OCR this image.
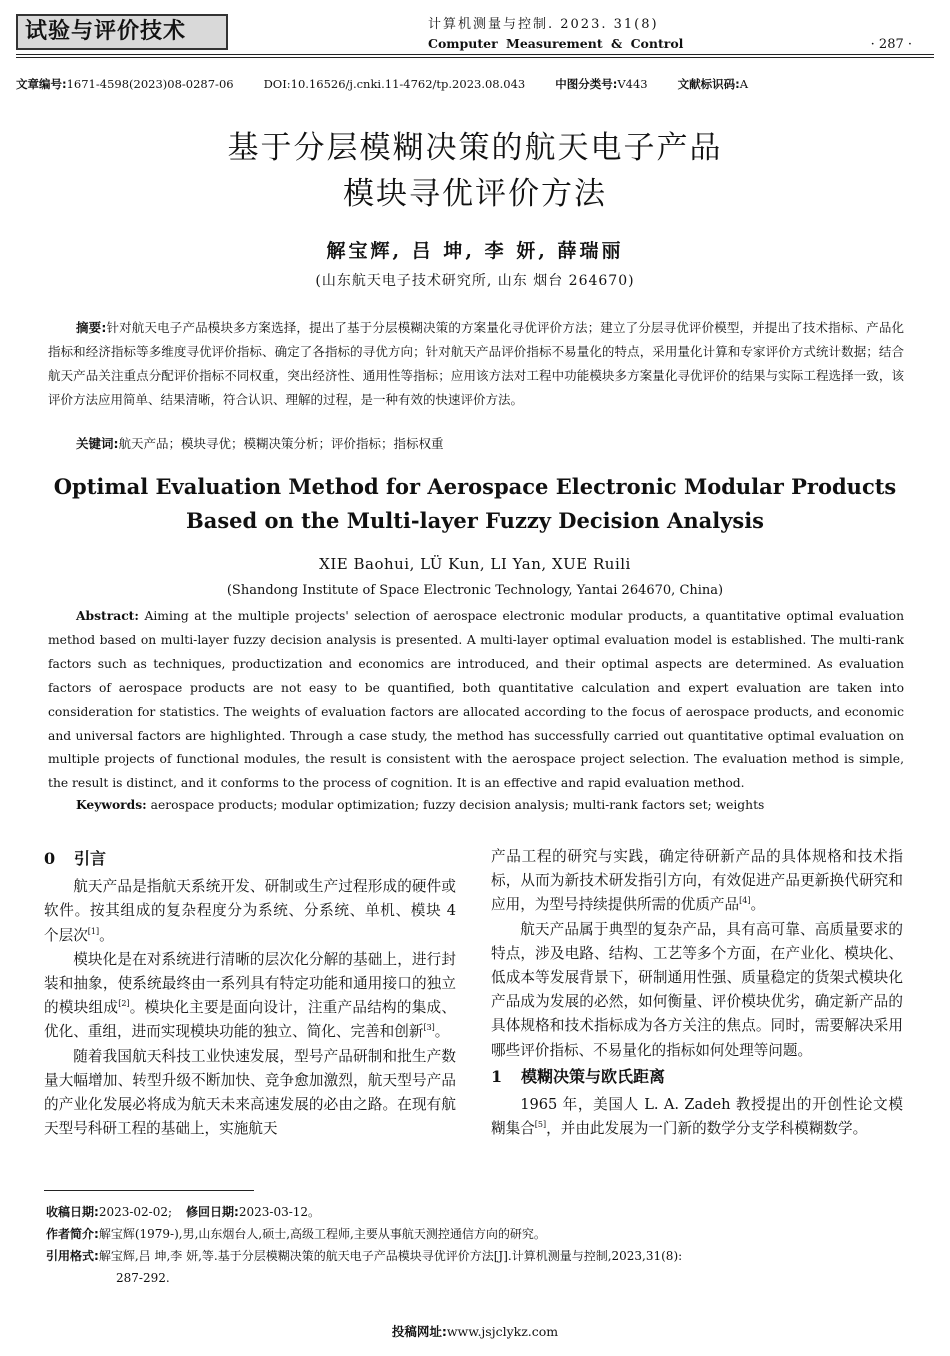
试验与评价技术	计算机测量与控制. 2023. 31(8)
Computer Measurement & Control	· 287 ·
文章编号:1671-4598(2023)08-0287-06	DOI:10.16526/j.cnki.11-4762/tp.2023.08.043	中图分类号:V443	文献标识码:A
基于分层模糊决策的航天电子产品
模块寻优评价方法
解宝辉, 吕 坤, 李 妍, 薛瑞丽
(山东航天电子技术研究所, 山东 烟台 264670)
摘要:针对航天电子产品模块多方案选择，提出了基于分层模糊决策的方案量化寻优评价方法；建立了分层寻优评价模型，并提出了技术指标、产品化指标和经济指标等多维度寻优评价指标、确定了各指标的寻优方向；针对航天产品评价指标不易量化的特点，采用量化计算和专家评价方式统计数据；结合航天产品关注重点分配评价指标不同权重，突出经济性、通用性等指标；应用该方法对工程中功能模块多方案量化寻优评价的结果与实际工程选择一致，该评价方法应用简单、结果清晰，符合认识、理解的过程，是一种有效的快速评价方法。
关键词:航天产品；模块寻优；模糊决策分析；评价指标；指标权重
Optimal Evaluation Method for Aerospace Electronic Modular Products
Based on the Multi-layer Fuzzy Decision Analysis
XIE Baohui, LÜ Kun, LI Yan, XUE Ruili
(Shandong Institute of Space Electronic Technology, Yantai 264670, China)
Abstract: Aiming at the multiple projects' selection of aerospace electronic modular products, a quantitative optimal evaluation method based on multi-layer fuzzy decision analysis is presented. A multi-layer optimal evaluation model is established. The multi-rank factors such as techniques, productization and economics are introduced, and their optimal aspects are determined. As evaluation factors of aerospace products are not easy to be quantified, both quantitative calculation and expert evaluation are taken into consideration for statistics. The weights of evaluation factors are allocated according to the focus of aerospace products, and economic and universal factors are highlighted. Through a case study, the method has successfully carried out quantitative optimal evaluation on multiple projects of functional modules, the result is consistent with the aerospace project selection. The evaluation method is simple, the result is distinct, and it conforms to the process of cognition. It is an effective and rapid evaluation method.
Keywords: aerospace products; modular optimization; fuzzy decision analysis; multi-rank factors set; weights
0 引言

航天产品是指航天系统开发、研制或生产过程形成的硬件或软件。按其组成的复杂程度分为系统、分系统、单机、模块 4 个层次[1]。

模块化是在对系统进行清晰的层次化分解的基础上，进行封装和抽象，使系统最终由一系列具有特定功能和通用接口的独立的模块组成[2]。模块化主要是面向设计，注重产品结构的集成、优化、重组，进而实现模块功能的独立、简化、完善和创新[3]。

随着我国航天科技工业快速发展，型号产品研制和批生产数量大幅增加、转型升级不断加快、竞争愈加激烈，航天型号产品的产业化发展必将成为航天未来高速发展的必由之路。在现有航天型号科研工程的基础上，实施航天

产品工程的研究与实践，确定待研新产品的具体规格和技术指标，从而为新技术研发指引方向，有效促进产品更新换代研究和应用，为型号持续提供所需的优质产品[4]。

航天产品属于典型的复杂产品，具有高可靠、高质量要求的特点，涉及电路、结构、工艺等多个方面，在产业化、模块化、低成本等发展背景下，研制通用性强、质量稳定的货架式模块化产品成为发展的必然，如何衡量、评价模块优劣，确定新产品的具体规格和技术指标成为各方关注的焦点。同时，需要解决采用哪些评价指标、不易量化的指标如何处理等问题。

1 模糊决策与欧氏距离

1965 年，美国人 L. A. Zadeh 教授提出的开创性论文模糊集合[5]，并由此发展为一门新的数学分支学科模糊数学。

收稿日期:2023-02-02; 修回日期:2023-03-12。
作者简介:解宝辉(1979-),男,山东烟台人,硕士,高级工程师,主要从事航天测控通信方向的研究。
引用格式:解宝辉,吕 坤,李 妍,等.基于分层模糊决策的航天电子产品模块寻优评价方法[J].计算机测量与控制,2023,31(8):
287-292.
投稿网址:www.jsjclykz.com
